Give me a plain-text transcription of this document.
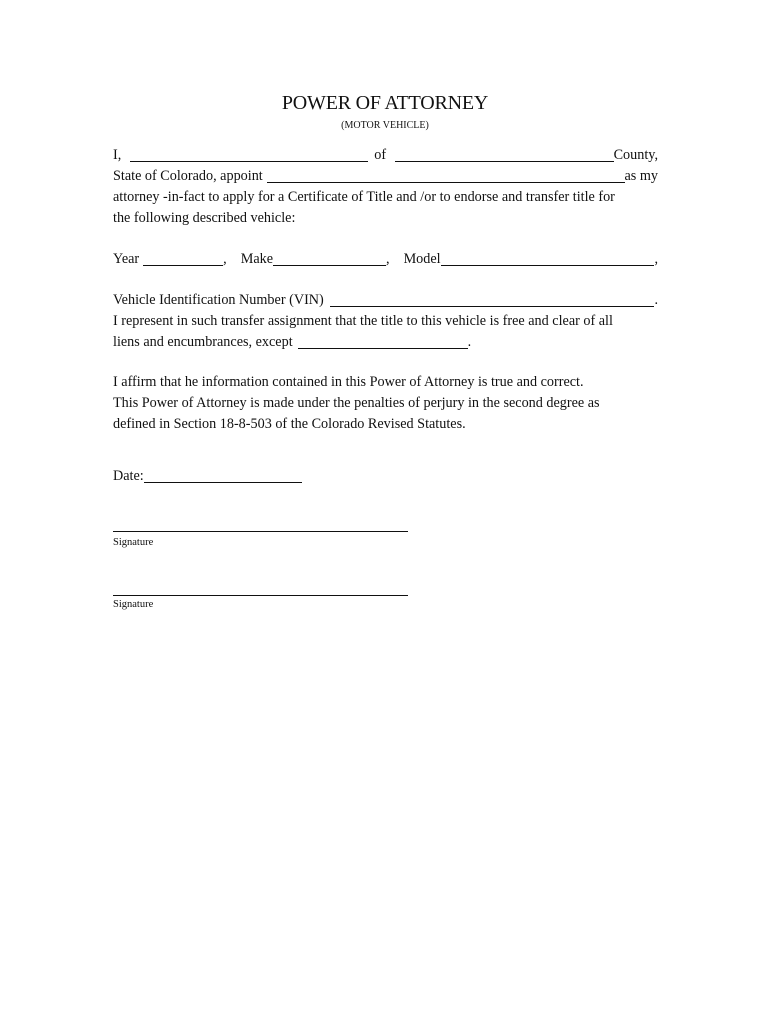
POWER OF ATTORNEY
(MOTOR VEHICLE)
I,	of	County,
State of Colorado, appoint	as my
attorney -in-fact to apply for a Certificate of Title and /or to endorse and transfer title for
the following described vehicle:
Year	, Make	, Model	,
Vehicle Identification Number (VIN)	.
I represent in such transfer assignment that the title to this vehicle is free and clear of all
liens and encumbrances, except	.
I affirm that he information contained in this Power of Attorney is true and correct.
This Power of Attorney is made under the penalties of perjury in the second degree as
defined in Section 18-8-503 of the Colorado Revised Statutes.
Date:
Signature
Signature
